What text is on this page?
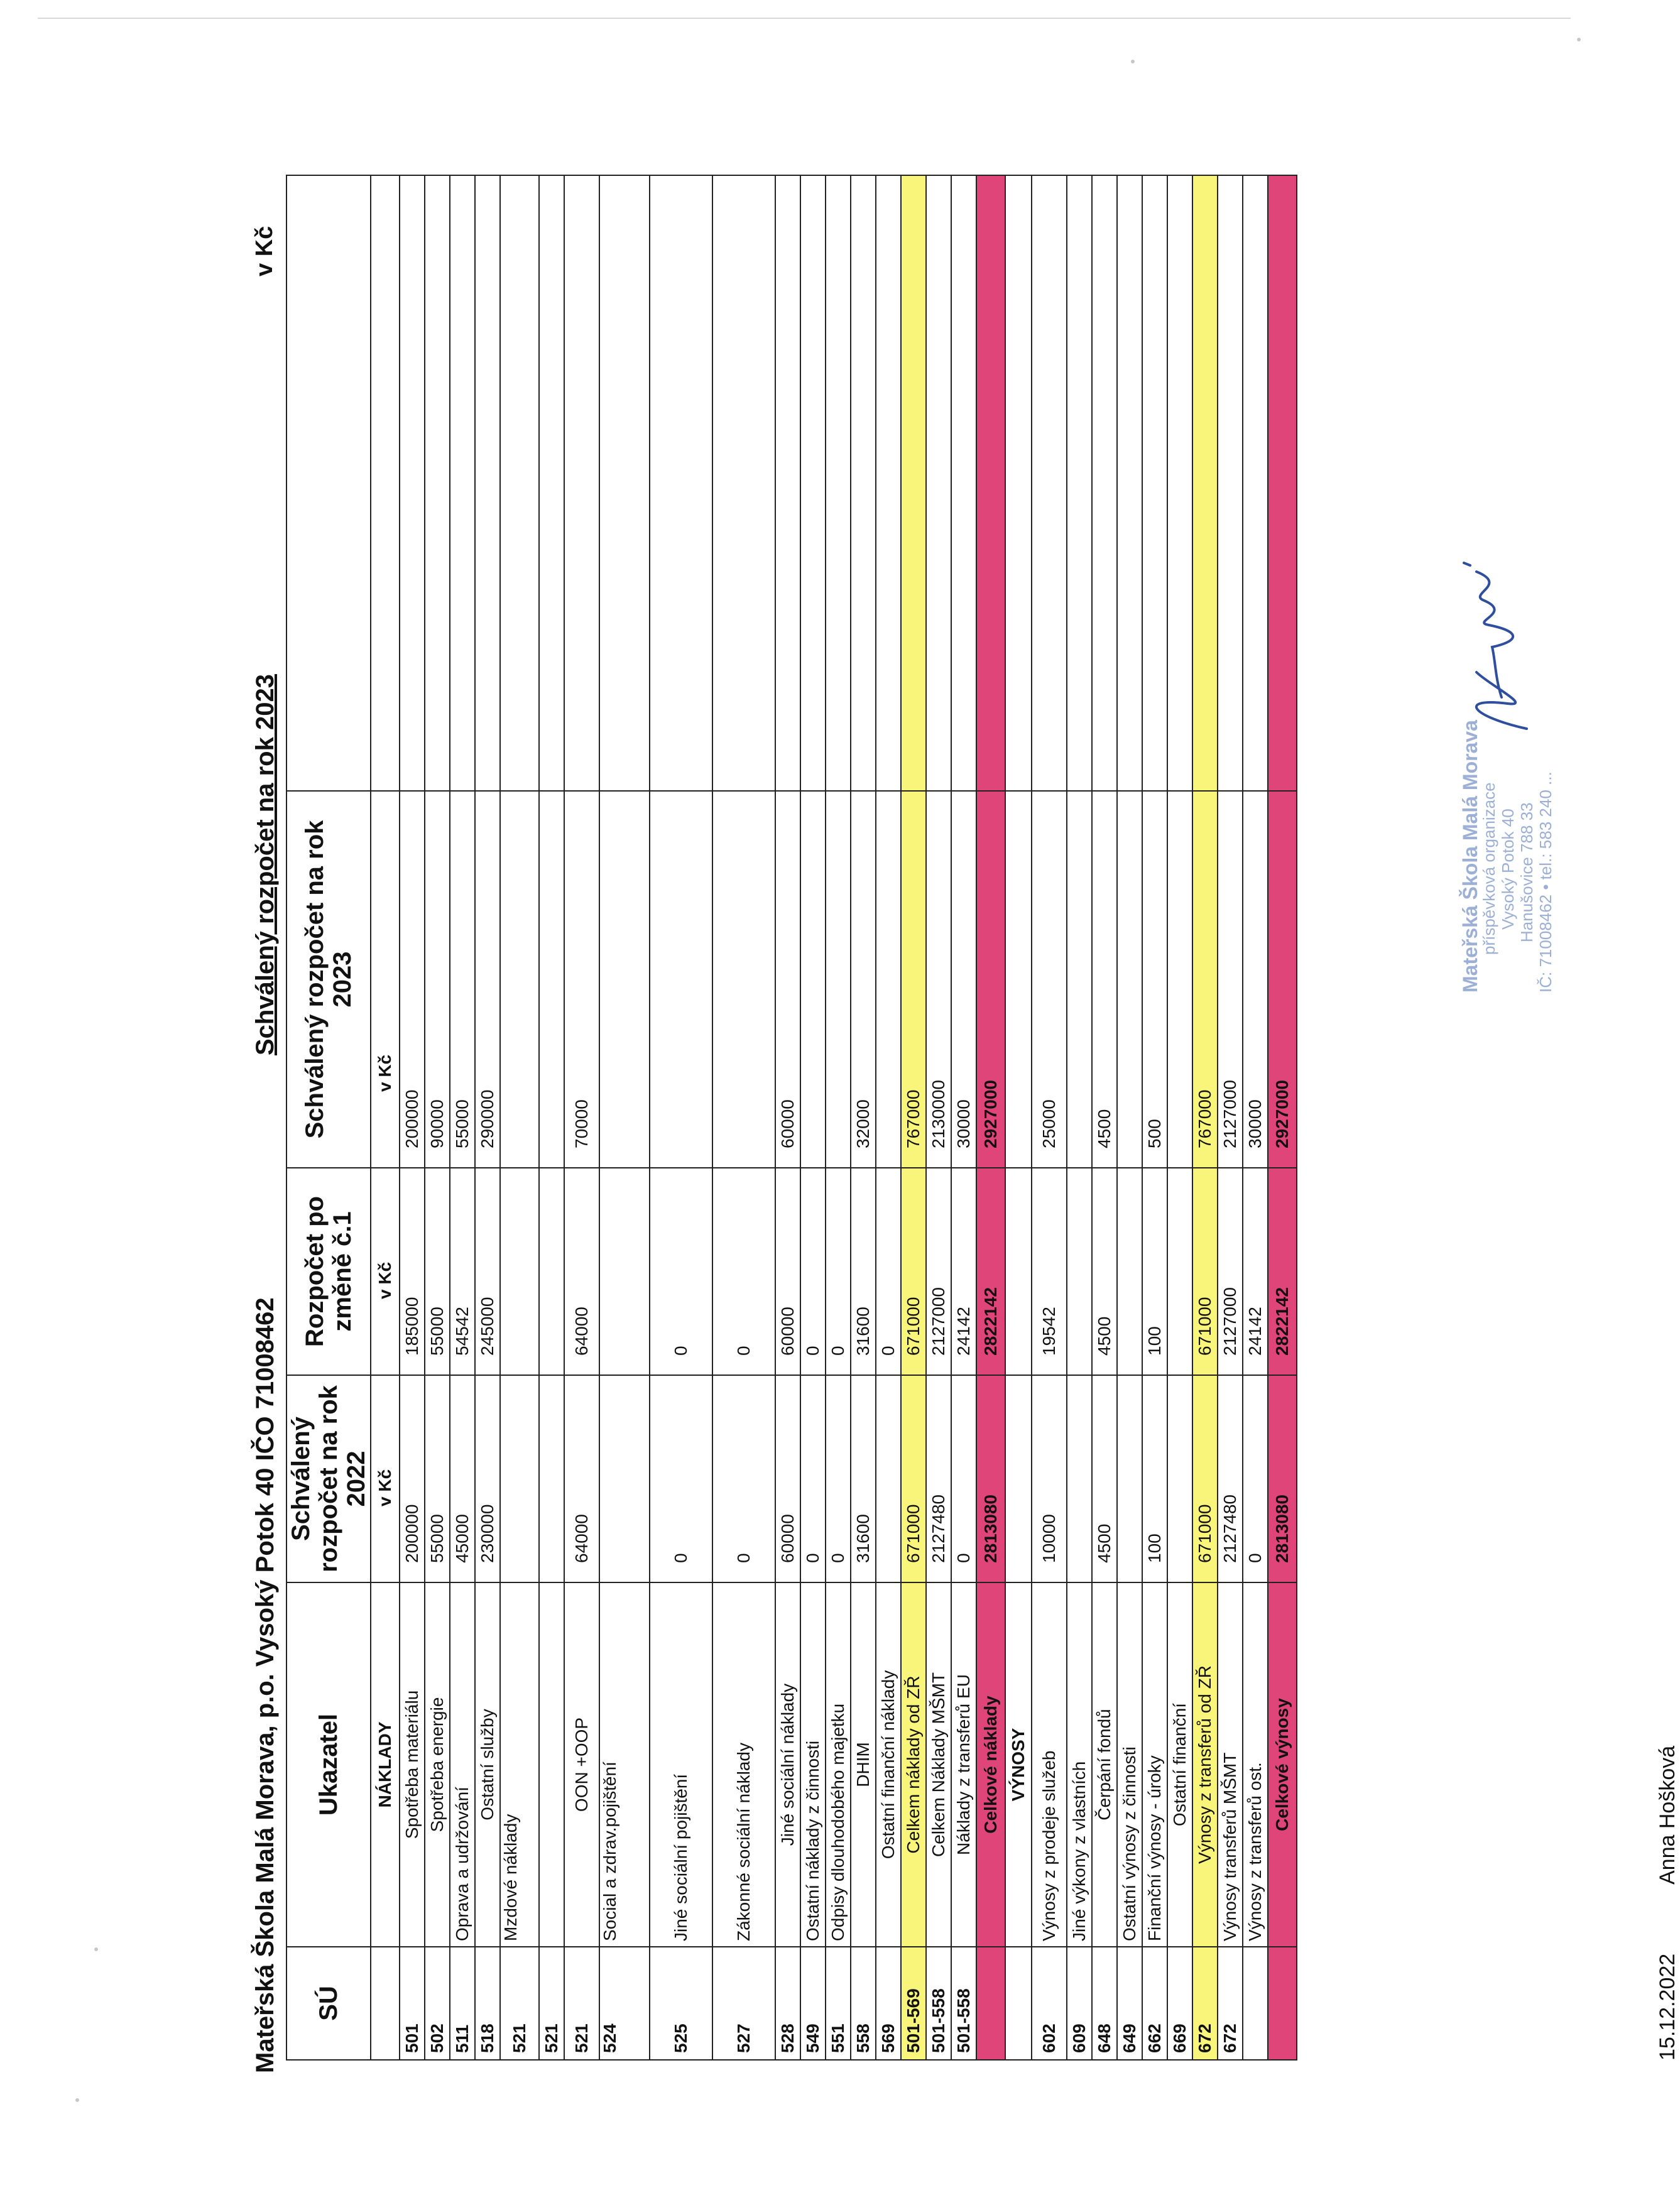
Mateřská Škola Malá Morava, p.o. Vysoký Potok 40 IČO 71008462
Schválený rozpočet na rok 2023
v Kč
SÚ	Ukazatel	Schválený rozpočet na rok 2022	Rozpočet po změně č.1	Schválený rozpočet na rok 2023	

	NÁKLADY	v Kč	v Kč	v Kč	
501	Spotřeba materiálu	200000	185000	200000	
502	Spotřeba energie	55000	55000	90000	
511	Oprava a udržování	45000	54542	55000	
518	Ostatní služby	230000	245000	290000	
521	Mzdové náklady				
521					
521	OON +OOP	64000	64000	70000	
524	Social a zdrav.pojištění				
525	Jiné sociální pojištění	0	0		
527	Zákonné sociální náklady	0	0		
528	Jiné sociální náklady	60000	60000	60000	
549	Ostatní náklady z činnosti	0	0		
551	Odpisy dlouhodobého majetku	0	0		
558	DHIM	31600	31600	32000	
569	Ostatní finanční náklady		0		
501-569	Celkem náklady od ZŘ	671000	671000	767000	
501-558	Celkem Náklady MŠMT	2127480	2127000	2130000	
501-558	Náklady z transferů EU	0	24142	30000	
	Celkové náklady	2813080	2822142	2927000	
	VÝNOSY				
602	Výnosy z prodeje služeb	10000	19542	25000	
609	Jiné výkony z vlastních				
648	Čerpání fondů	4500	4500	4500	
649	Ostatní výnosy z činnosti				
662	Finanční výnosy - úroky	100	100	500	
669	Ostatní finanční				
672	Výnosy z transferů od ZŘ	671000	671000	767000	
672	Výnosy transferů MŠMT	2127480	2127000	2127000	
	Výnosy z transferů ost.	0	24142	30000	
	Celkové výnosy	2813080	2822142	2927000	
15.12.2022
Anna Hošková
Mateřská Škola Malá Morava
příspěvková organizace Vysoký Potok 40 Hanušovice 788 33 IČ: 71008462 • tel.: 583 240 ...
